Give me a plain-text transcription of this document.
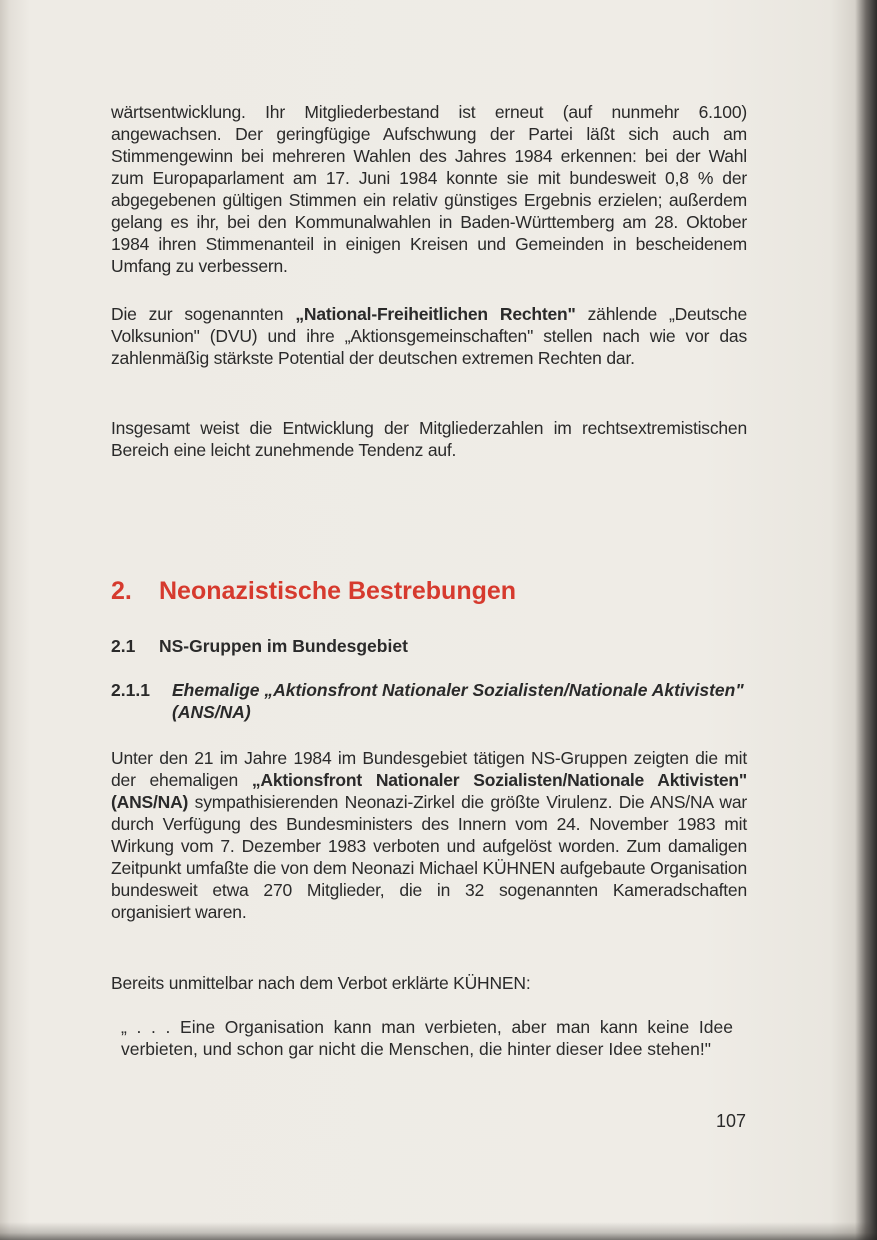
wärtsentwicklung. Ihr Mitgliederbestand ist erneut (auf nunmehr 6.100) angewachsen. Der geringfügige Aufschwung der Partei läßt sich auch am Stimmengewinn bei mehreren Wahlen des Jahres 1984 erkennen: bei der Wahl zum Europaparlament am 17. Juni 1984 konnte sie mit bundesweit 0,8 % der abgegebenen gültigen Stimmen ein relativ günstiges Ergebnis erzielen; außerdem gelang es ihr, bei den Kommunalwahlen in Baden-Württemberg am 28. Oktober 1984 ihren Stimmenanteil in einigen Kreisen und Gemeinden in bescheidenem Umfang zu verbessern.

Die zur sogenannten „National-Freiheitlichen Rechten" zählende „Deutsche Volksunion" (DVU) und ihre „Aktionsgemeinschaften" stellen nach wie vor das zahlenmäßig stärkste Potential der deutschen extremen Rechten dar.

Insgesamt weist die Entwicklung der Mitgliederzahlen im rechtsextremistischen Bereich eine leicht zunehmende Tendenz auf.

2. Neonazistische Bestrebungen
2.1 NS-Gruppen im Bundesgebiet
2.1.1 Ehemalige „Aktionsfront Nationaler Sozialisten/Nationale Aktivisten" (ANS/NA)

Unter den 21 im Jahre 1984 im Bundesgebiet tätigen NS-Gruppen zeigten die mit der ehemaligen „Aktionsfront Nationaler Sozialisten/Nationale Aktivisten" (ANS/NA) sympathisierenden Neonazi-Zirkel die größte Virulenz. Die ANS/NA war durch Verfügung des Bundesministers des Innern vom 24. November 1983 mit Wirkung vom 7. Dezember 1983 verboten und aufgelöst worden. Zum damaligen Zeitpunkt umfaßte die von dem Neonazi Michael KÜHNEN aufgebaute Organisation bundesweit etwa 270 Mitglieder, die in 32 sogenannten Kameradschaften organisiert waren.

Bereits unmittelbar nach dem Verbot erklärte KÜHNEN:

„ . . . Eine Organisation kann man verbieten, aber man kann keine Idee verbieten, und schon gar nicht die Menschen, die hinter dieser Idee stehen!"

107
